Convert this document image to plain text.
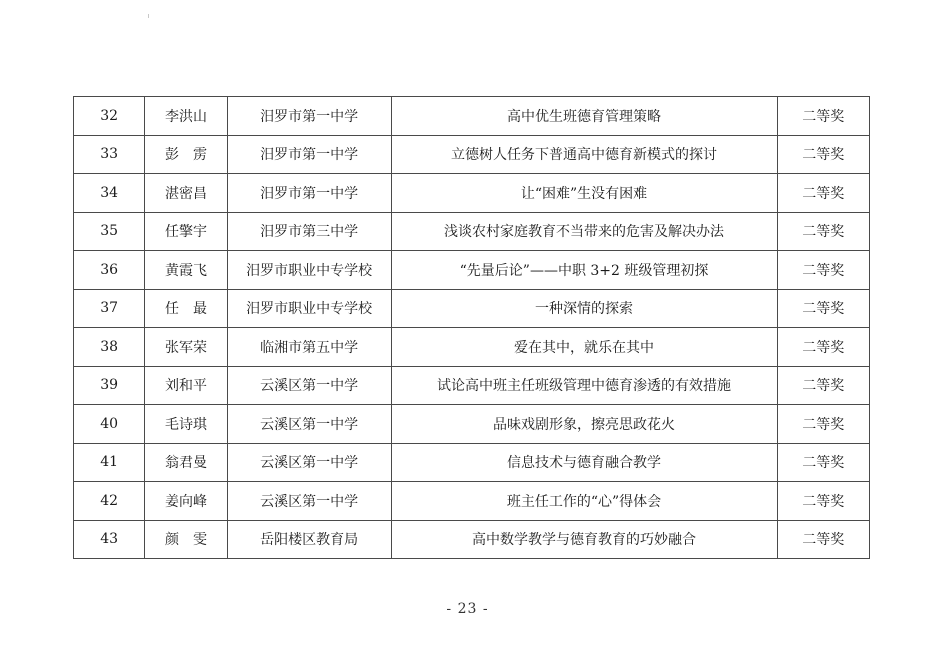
32	李洪山	汨罗市第一中学	高中优生班德育管理策略	二等奖
33	彭　雳	汨罗市第一中学	立德树人任务下普通高中德育新模式的探讨	二等奖
34	湛密昌	汨罗市第一中学	让“困难”生没有困难	二等奖
35	任擎宇	汨罗市第三中学	浅谈农村家庭教育不当带来的危害及解决办法	二等奖
36	黄霞飞	汨罗市职业中专学校	“先量后论”——中职 3+2 班级管理初探	二等奖
37	任　最	汨罗市职业中专学校	一种深情的探索	二等奖
38	张军荣	临湘市第五中学	爱在其中，就乐在其中	二等奖
39	刘和平	云溪区第一中学	试论高中班主任班级管理中德育渗透的有效措施	二等奖
40	毛诗琪	云溪区第一中学	品味戏剧形象，擦亮思政花火	二等奖
41	翁君曼	云溪区第一中学	信息技术与德育融合教学	二等奖
42	姜向峰	云溪区第一中学	班主任工作的“心”得体会	二等奖
43	颜　雯	岳阳楼区教育局	高中数学教学与德育教育的巧妙融合	二等奖
- 23 -
